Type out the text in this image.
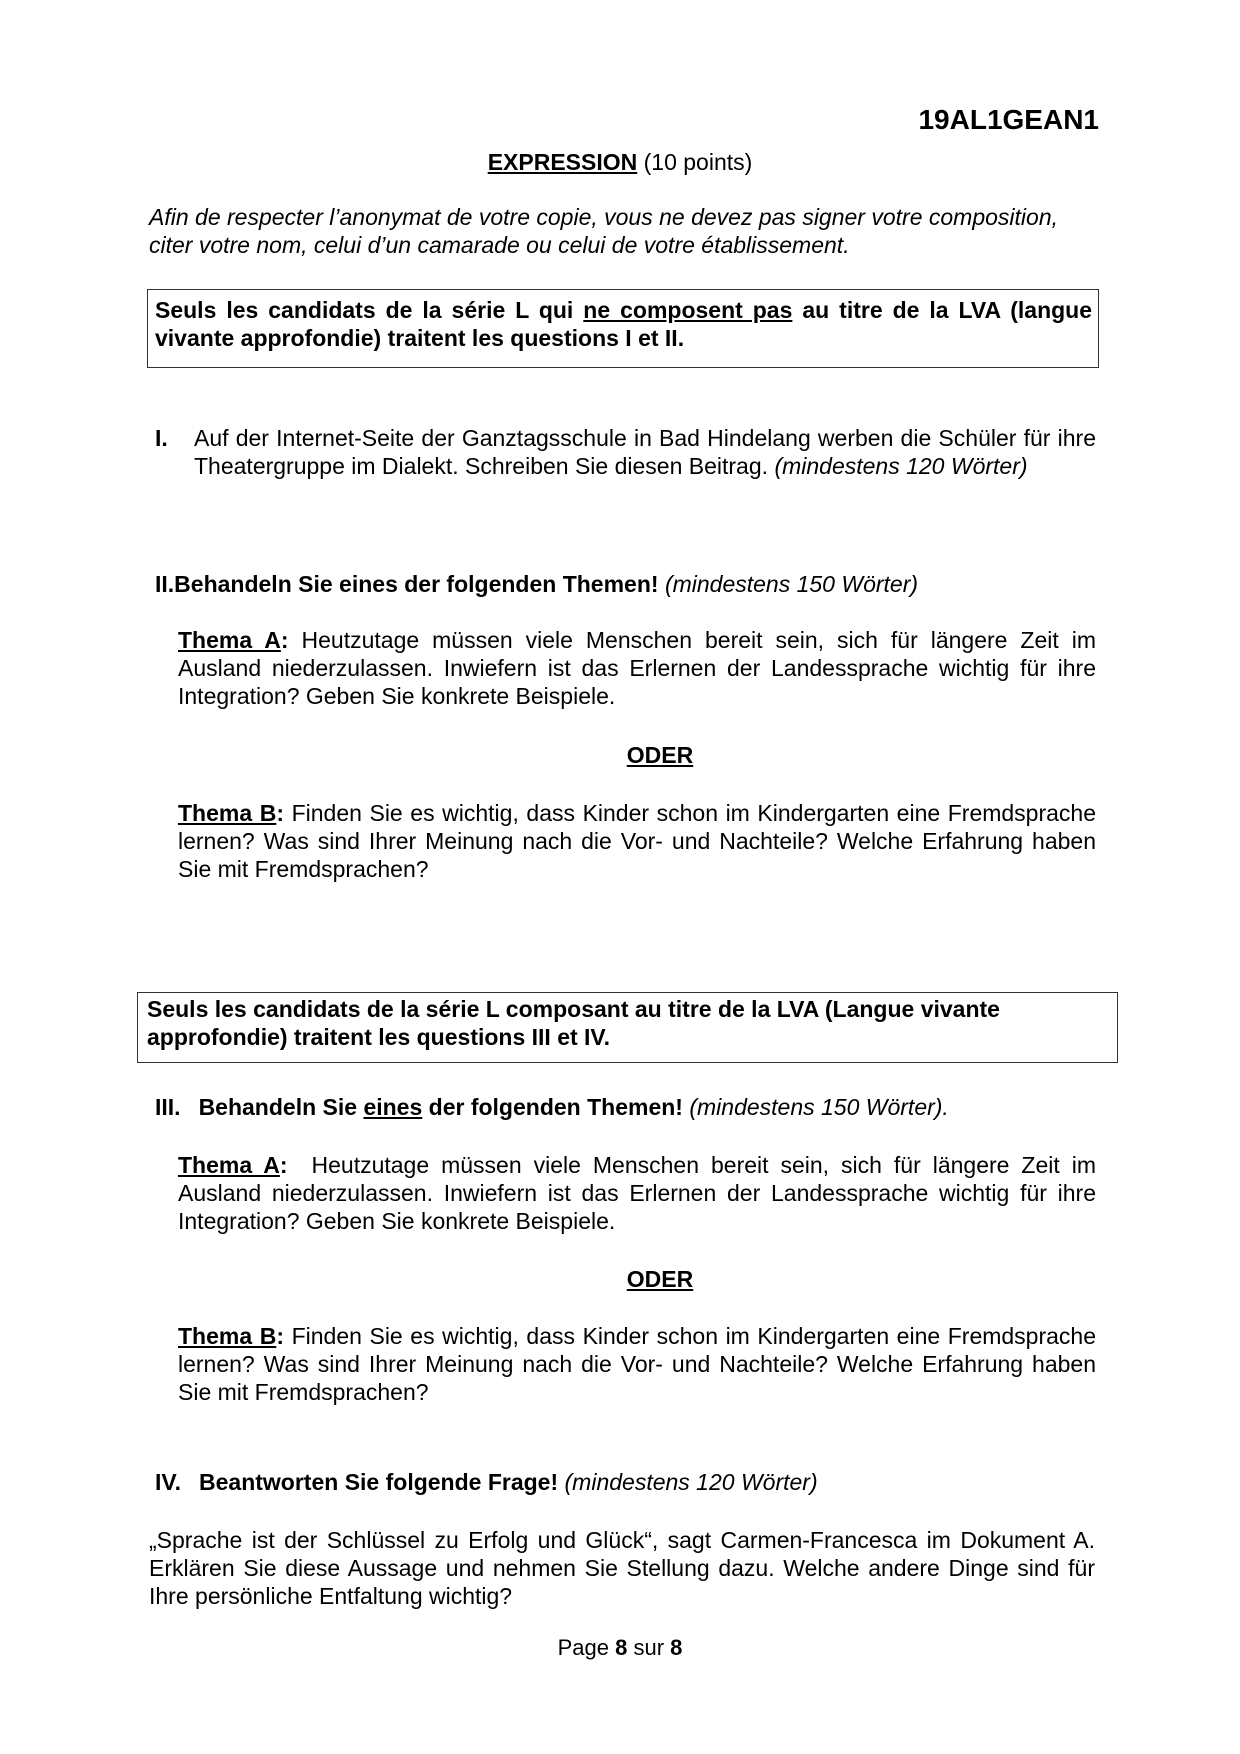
19AL1GEAN1
EXPRESSION (10 points)
Afin de respecter l’anonymat de votre copie, vous ne devez pas signer votre composition, citer votre nom, celui d’un camarade ou celui de votre établissement.
Seuls les candidats de la série L qui ne composent pas au titre de la LVA (langue vivante approfondie) traitent les questions I et II.
I. Auf der Internet-Seite der Ganztagsschule in Bad Hindelang werben die Schüler für ihre Theatergruppe im Dialekt. Schreiben Sie diesen Beitrag. (mindestens 120 Wörter)
II.Behandeln Sie eines der folgenden Themen! (mindestens 150 Wörter)
Thema A: Heutzutage müssen viele Menschen bereit sein, sich für längere Zeit im Ausland niederzulassen. Inwiefern ist das Erlernen der Landessprache wichtig für ihre Integration? Geben Sie konkrete Beispiele.
ODER
Thema B: Finden Sie es wichtig, dass Kinder schon im Kindergarten eine Fremdsprache lernen? Was sind Ihrer Meinung nach die Vor- und Nachteile? Welche Erfahrung haben Sie mit Fremdsprachen?
Seuls les candidats de la série L composant au titre de la LVA (Langue vivante approfondie) traitent les questions III et IV.
III. Behandeln Sie eines der folgenden Themen! (mindestens 150 Wörter).
Thema A: Heutzutage müssen viele Menschen bereit sein, sich für längere Zeit im Ausland niederzulassen. Inwiefern ist das Erlernen der Landessprache wichtig für ihre Integration? Geben Sie konkrete Beispiele.
ODER
Thema B: Finden Sie es wichtig, dass Kinder schon im Kindergarten eine Fremdsprache lernen? Was sind Ihrer Meinung nach die Vor- und Nachteile? Welche Erfahrung haben Sie mit Fremdsprachen?
IV. Beantworten Sie folgende Frage! (mindestens 120 Wörter)
„Sprache ist der Schlüssel zu Erfolg und Glück“, sagt Carmen-Francesca im Dokument A. Erklären Sie diese Aussage und nehmen Sie Stellung dazu. Welche andere Dinge sind für Ihre persönliche Entfaltung wichtig?
Page 8 sur 8
